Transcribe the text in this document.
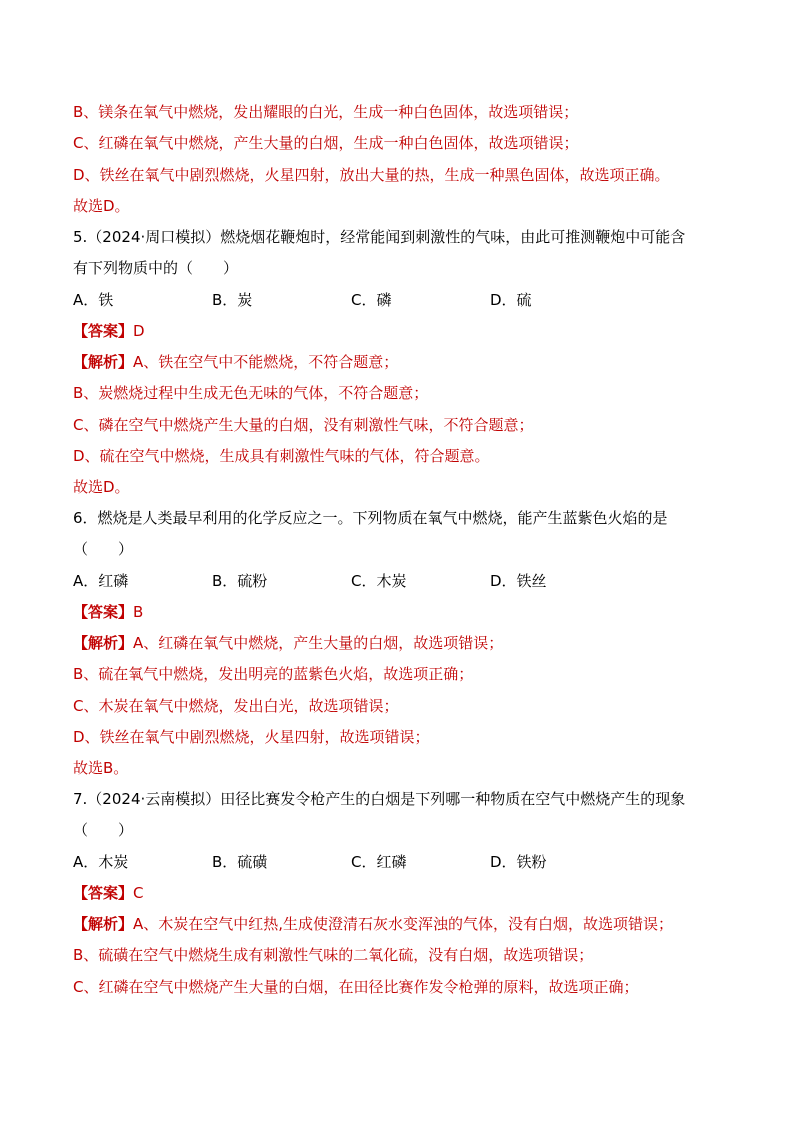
B、镁条在氧气中燃烧，发出耀眼的白光，生成一种白色固体，故选项错误；
C、红磷在氧气中燃烧，产生大量的白烟，生成一种白色固体，故选项错误；
D、铁丝在氧气中剧烈燃烧，火星四射，放出大量的热，生成一种黑色固体，故选项正确。
故选D。
5.（2024·周口模拟）燃烧烟花鞭炮时，经常能闻到刺激性的气味，由此可推测鞭炮中可能含
有下列物质中的（　　）
A．铁	B．炭	C．磷	D．硫
【答案】D
【解析】A、铁在空气中不能燃烧，不符合题意；
B、炭燃烧过程中生成无色无味的气体，不符合题意；
C、磷在空气中燃烧产生大量的白烟，没有刺激性气味，不符合题意；
D、硫在空气中燃烧，生成具有刺激性气味的气体，符合题意。
故选D。
6．燃烧是人类最早利用的化学反应之一。下列物质在氧气中燃烧，能产生蓝紫色火焰的是
（　　）
A．红磷	B．硫粉	C．木炭	D．铁丝
【答案】B
【解析】A、红磷在氧气中燃烧，产生大量的白烟，故选项错误；
B、硫在氧气中燃烧，发出明亮的蓝紫色火焰，故选项正确；
C、木炭在氧气中燃烧，发出白光，故选项错误；
D、铁丝在氧气中剧烈燃烧，火星四射，故选项错误；
故选B。
7.（2024·云南模拟）田径比赛发令枪产生的白烟是下列哪一种物质在空气中燃烧产生的现象
（　　）
A．木炭	B．硫磺	C．红磷	D．铁粉
【答案】C
【解析】A、木炭在空气中红热,生成使澄清石灰水变浑浊的气体，没有白烟，故选项错误；
B、硫磺在空气中燃烧生成有刺激性气味的二氧化硫，没有白烟，故选项错误；
C、红磷在空气中燃烧产生大量的白烟，在田径比赛作发令枪弹的原料，故选项正确；
